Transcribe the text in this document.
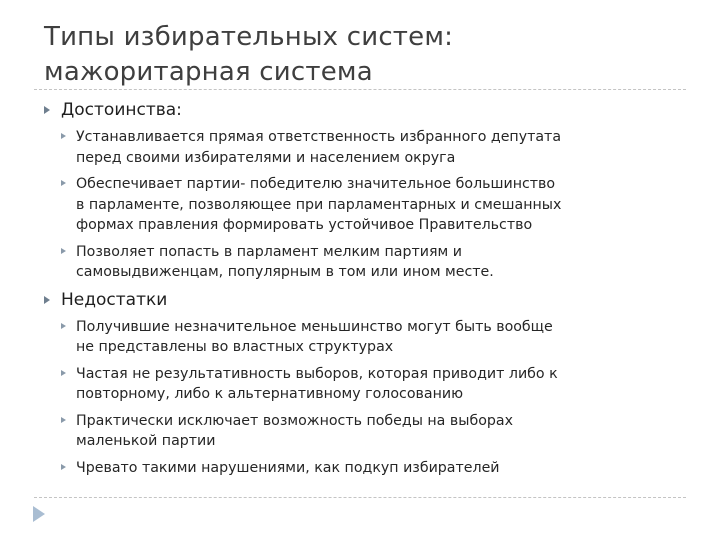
Типы избирательных систем:
мажоритарная система
Достоинства:
Устанавливается прямая ответственность избранного депутата
перед своими избирателями и населением округа
Обеспечивает партии- победителю значительное большинство
в парламенте, позволяющее при парламентарных и смешанных
формах правления формировать устойчивое Правительство
Позволяет попасть в парламент мелким партиям и
самовыдвиженцам, популярным в том или ином месте.
Недостатки
Получившие незначительное меньшинство могут быть вообще
не представлены во властных структурах
Частая не результативность выборов, которая приводит либо к
повторному, либо к альтернативному голосованию
Практически исключает возможность победы на выборах
маленькой партии
Чревато такими нарушениями, как подкуп избирателей
